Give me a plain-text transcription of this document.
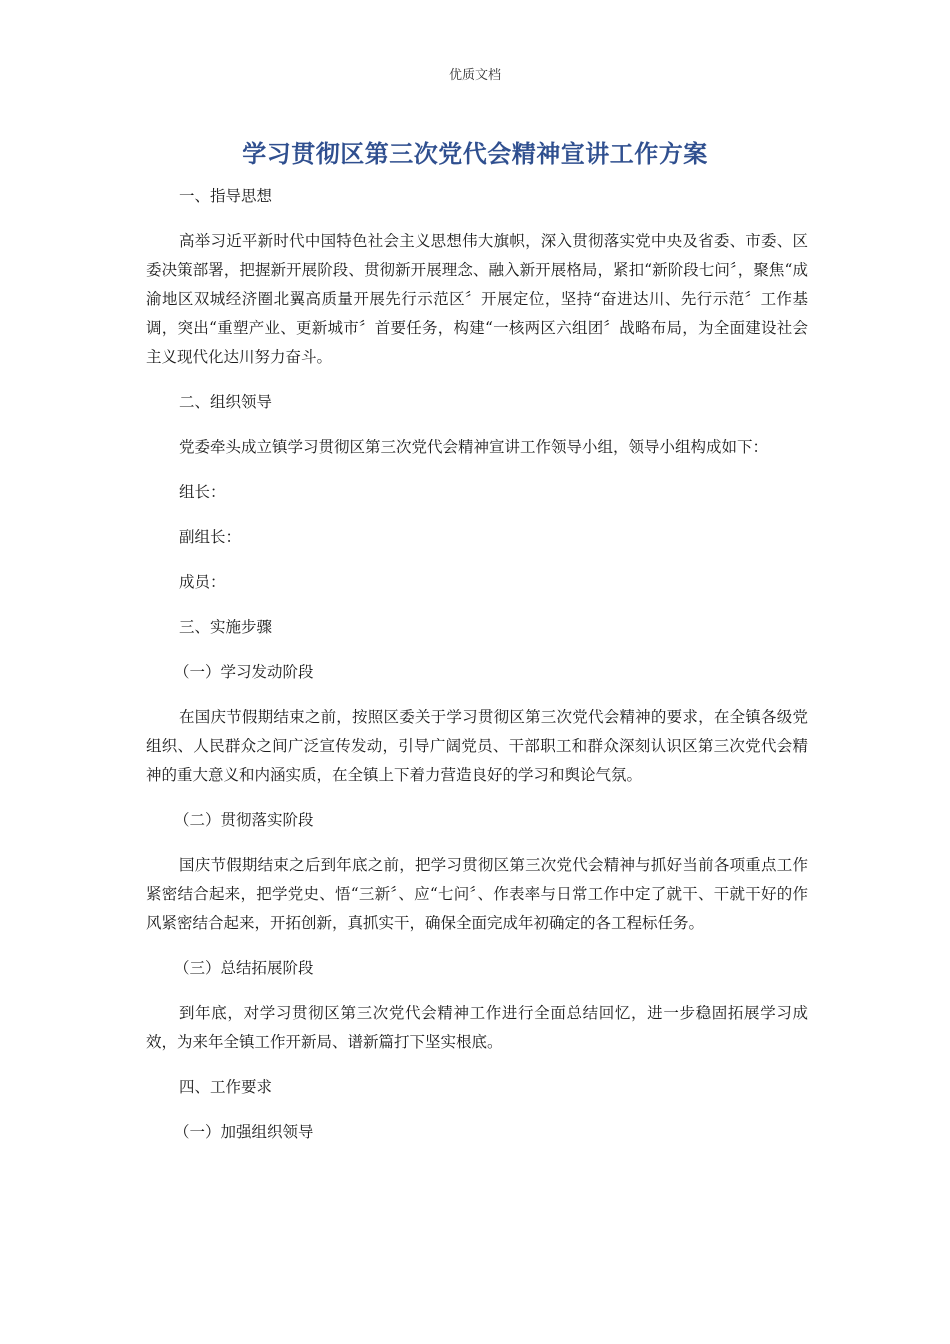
优质文档
学习贯彻区第三次党代会精神宣讲工作方案

一、指导思想

高举习近平新时代中国特色社会主义思想伟大旗帜，深入贯彻落实党中央及省委、市委、区委决策部署，把握新开展阶段、贯彻新开展理念、融入新开展格局，紧扣“新阶段七问〞，聚焦“成渝地区双城经济圈北翼高质量开展先行示范区〞开展定位，坚持“奋进达川、先行示范〞工作基调，突出“重塑产业、更新城市〞首要任务，构建“一核两区六组团〞战略布局，为全面建设社会主义现代化达川努力奋斗。

二、组织领导

党委牵头成立镇学习贯彻区第三次党代会精神宣讲工作领导小组，领导小组构成如下：

组长：

副组长：

成员：

三、实施步骤

（一）学习发动阶段

在国庆节假期结束之前，按照区委关于学习贯彻区第三次党代会精神的要求，在全镇各级党组织、人民群众之间广泛宣传发动，引导广阔党员、干部职工和群众深刻认识区第三次党代会精神的重大意义和内涵实质，在全镇上下着力营造良好的学习和舆论气氛。

（二）贯彻落实阶段

国庆节假期结束之后到年底之前，把学习贯彻区第三次党代会精神与抓好当前各项重点工作紧密结合起来，把学党史、悟“三新〞、应“七问〞、作表率与日常工作中定了就干、干就干好的作风紧密结合起来，开拓创新，真抓实干，确保全面完成年初确定的各工程标任务。

（三）总结拓展阶段

到年底，对学习贯彻区第三次党代会精神工作进行全面总结回忆，进一步稳固拓展学习成效，为来年全镇工作开新局、谱新篇打下坚实根底。

四、工作要求

（一）加强组织领导
